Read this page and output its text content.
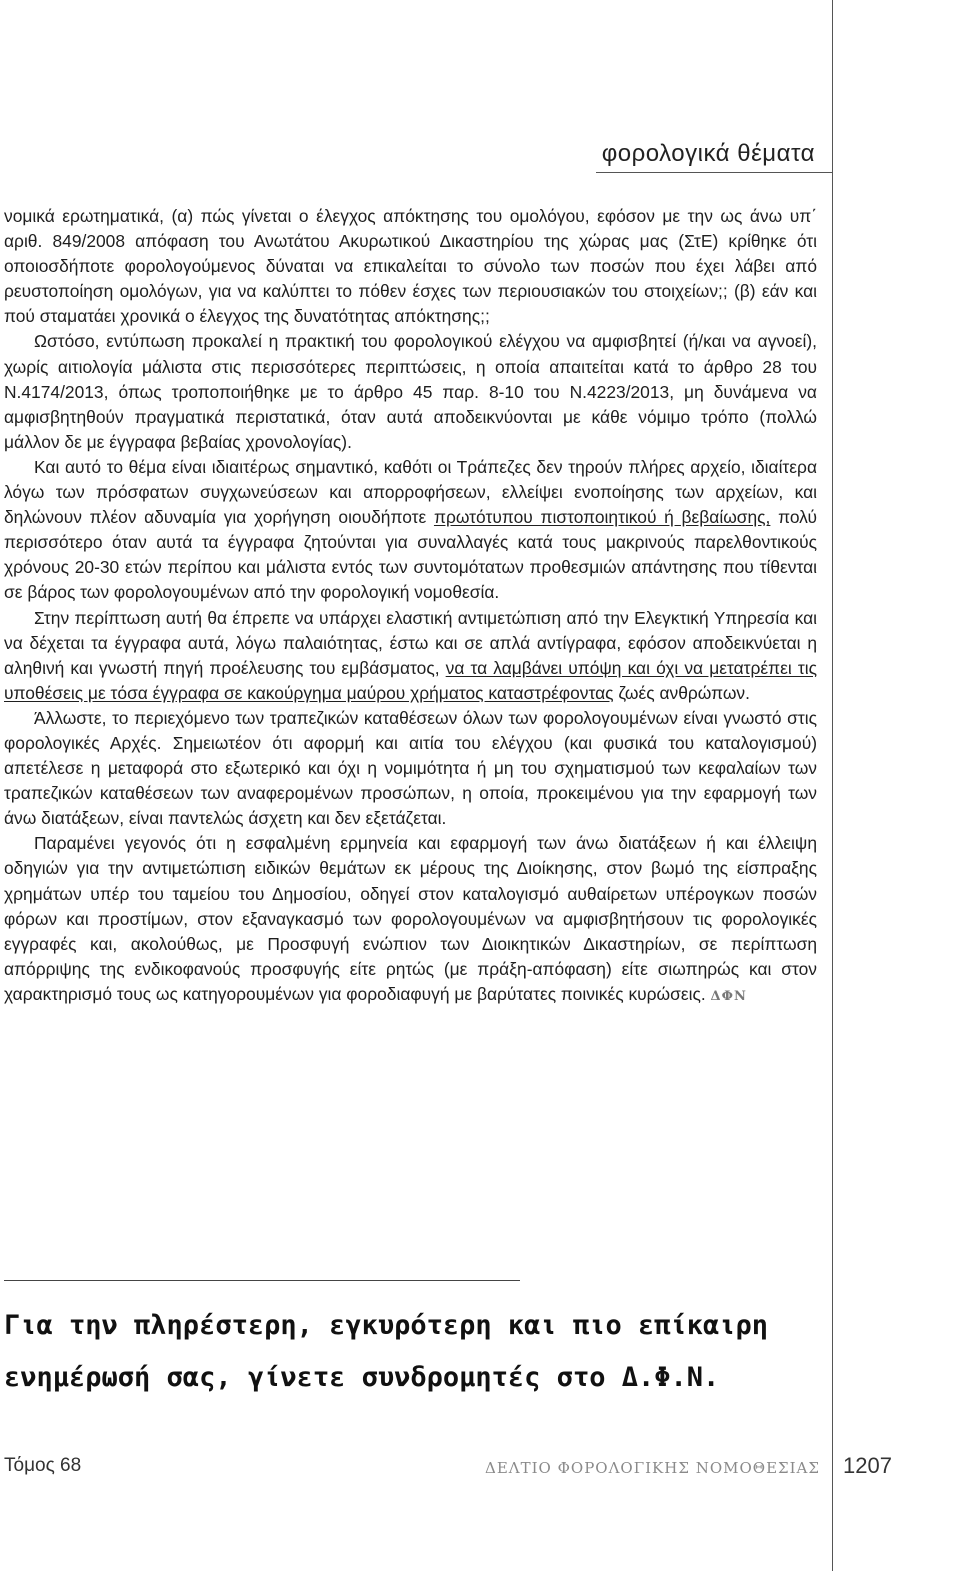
φορολογικά θέματα

νομικά ερωτηματικά, (α) πώς γίνεται ο έλεγχος απόκτησης του ομολόγου, εφόσον με την ως άνω υπ΄ αριθ. 849/2008 απόφαση του Ανωτάτου Ακυρωτικού Δικαστηρίου της χώρας μας (ΣτΕ) κρίθηκε ότι οποιοσδήποτε φορολογούμενος δύναται να επικαλείται το σύνολο των ποσών που έχει λάβει από ρευστοποίηση ομολόγων, για να καλύπτει το πόθεν έσχες των περιουσιακών του στοιχείων;; (β) εάν και πού σταματάει χρονικά ο έλεγχος της δυνατότητας απόκτησης;;

Ωστόσο, εντύπωση προκαλεί η πρακτική του φορολογικού ελέγχου να αμφισβητεί (ή/και να αγνοεί), χωρίς αιτιολογία μάλιστα στις περισσότερες περιπτώσεις, η οποία απαιτείται κατά το άρθρο 28 του Ν.4174/2013, όπως τροποποιήθηκε με το άρθρο 45 παρ. 8-10 του Ν.4223/2013, μη δυνάμενα να αμφισβητηθούν πραγματικά περιστατικά, όταν αυτά αποδεικνύονται με κάθε νόμιμο τρόπο (πολλώ μάλλον δε με έγγραφα βεβαίας χρονολογίας).

Και αυτό το θέμα είναι ιδιαιτέρως σημαντικό, καθότι οι Τράπεζες δεν τηρούν πλήρες αρχείο, ιδιαίτερα λόγω των πρόσφατων συγχωνεύσεων και απορροφήσεων, ελλείψει ενοποίησης των αρχείων, και δηλώνουν πλέον αδυναμία για χορήγηση οιουδήποτε πρωτότυπου πιστοποιητικού ή βεβαίωσης, πολύ περισσότερο όταν αυτά τα έγγραφα ζητούνται για συναλλαγές κατά τους μακρινούς παρελθοντικούς χρόνους 20-30 ετών περίπου και μάλιστα εντός των συντομότατων προθεσμιών απάντησης που τίθενται σε βάρος των φορολογουμένων από την φορολογική νομοθεσία.

Στην περίπτωση αυτή θα έπρεπε να υπάρχει ελαστική αντιμετώπιση από την Ελεγκτική Υπηρεσία και να δέχεται τα έγγραφα αυτά, λόγω παλαιότητας, έστω και σε απλά αντίγραφα, εφόσον αποδεικνύεται η αληθινή και γνωστή πηγή προέλευσης του εμβάσματος, να τα λαμβάνει υπόψη και όχι να μετατρέπει τις υποθέσεις με τόσα έγγραφα σε κακούργημα μαύρου χρήματος καταστρέφοντας ζωές ανθρώπων.

Άλλωστε, το περιεχόμενο των τραπεζικών καταθέσεων όλων των φορολογουμένων είναι γνωστό στις φορολογικές Αρχές. Σημειωτέον ότι αφορμή και αιτία του ελέγχου (και φυσικά του καταλογισμού) απετέλεσε η μεταφορά στο εξωτερικό και όχι η νομιμότητα ή μη του σχηματισμού των κεφαλαίων των τραπεζικών καταθέσεων των αναφερομένων προσώπων, η οποία, προκειμένου για την εφαρμογή των άνω διατάξεων, είναι παντελώς άσχετη και δεν εξετάζεται.

Παραμένει γεγονός ότι η εσφαλμένη ερμηνεία και εφαρμογή των άνω διατάξεων ή και έλλειψη οδηγιών για την αντιμετώπιση ειδικών θεμάτων εκ μέρους της Διοίκησης, στον βωμό της είσπραξης χρημάτων υπέρ του ταμείου του Δημοσίου, οδηγεί στον καταλογισμό αυθαίρετων υπέρογκων ποσών φόρων και προστίμων, στον εξαναγκασμό των φορολογουμένων να αμφισβητήσουν τις φορολογικές εγγραφές και, ακολούθως, με Προσφυγή ενώπιον των Διοικητικών Δικαστηρίων, σε περίπτωση απόρριψης της ενδικοφανούς προσφυγής είτε ρητώς (με πράξη-απόφαση) είτε σιωπηρώς και στον χαρακτηρισμό τους ως κατηγορουμένων για φοροδιαφυγή με βαρύτατες ποινικές κυρώσεις. ΔΦΝ

Για την πληρέστερη, εγκυρότερη και πιο επίκαιρη
ενημέρωσή σας, γίνετε συνδρομητές στο Δ.Φ.Ν.
Τόμος 68	ΔΕΛΤΙΟ ΦΟΡΟΛΟΓΙΚΗΣ ΝΟΜΟΘΕΣΙΑΣ 1207
